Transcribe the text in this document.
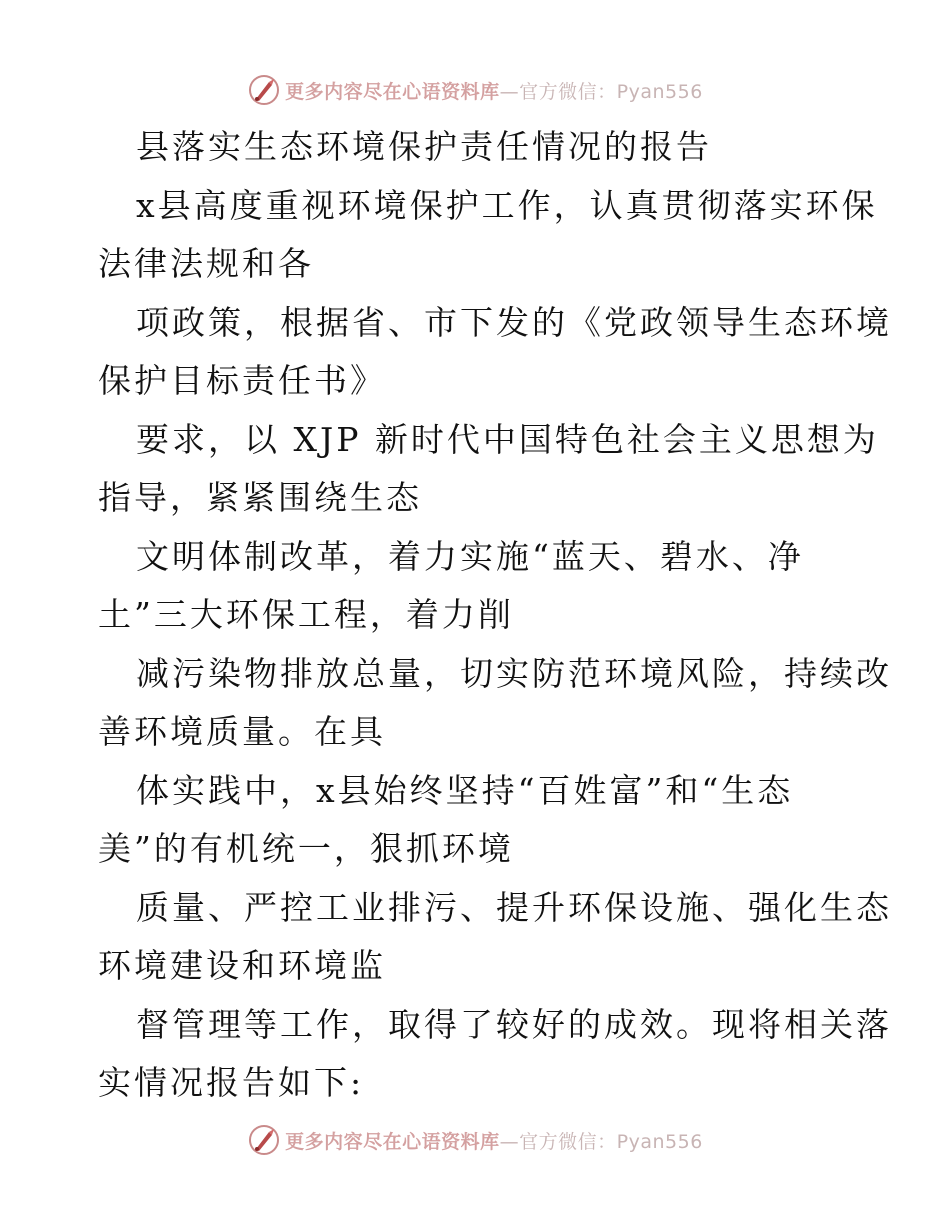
更多内容尽在心语资料库—官方微信：Pyan556
县落实生态环境保护责任情况的报告
x县高度重视环境保护工作，认真贯彻落实环保
法律法规和各
项政策，根据省、市下发的《党政领导生态环境
保护目标责任书》
要求，以 XJP 新时代中国特色社会主义思想为
指导，紧紧围绕生态
文明体制改革，着力实施“蓝天、碧水、净
土”三大环保工程，着力削
减污染物排放总量，切实防范环境风险，持续改
善环境质量。在具
体实践中，x县始终坚持“百姓富”和“生态
美”的有机统一，狠抓环境
质量、严控工业排污、提升环保设施、强化生态
环境建设和环境监
督管理等工作，取得了较好的成效。现将相关落
实情况报告如下:
更多内容尽在心语资料库—官方微信：Pyan556
